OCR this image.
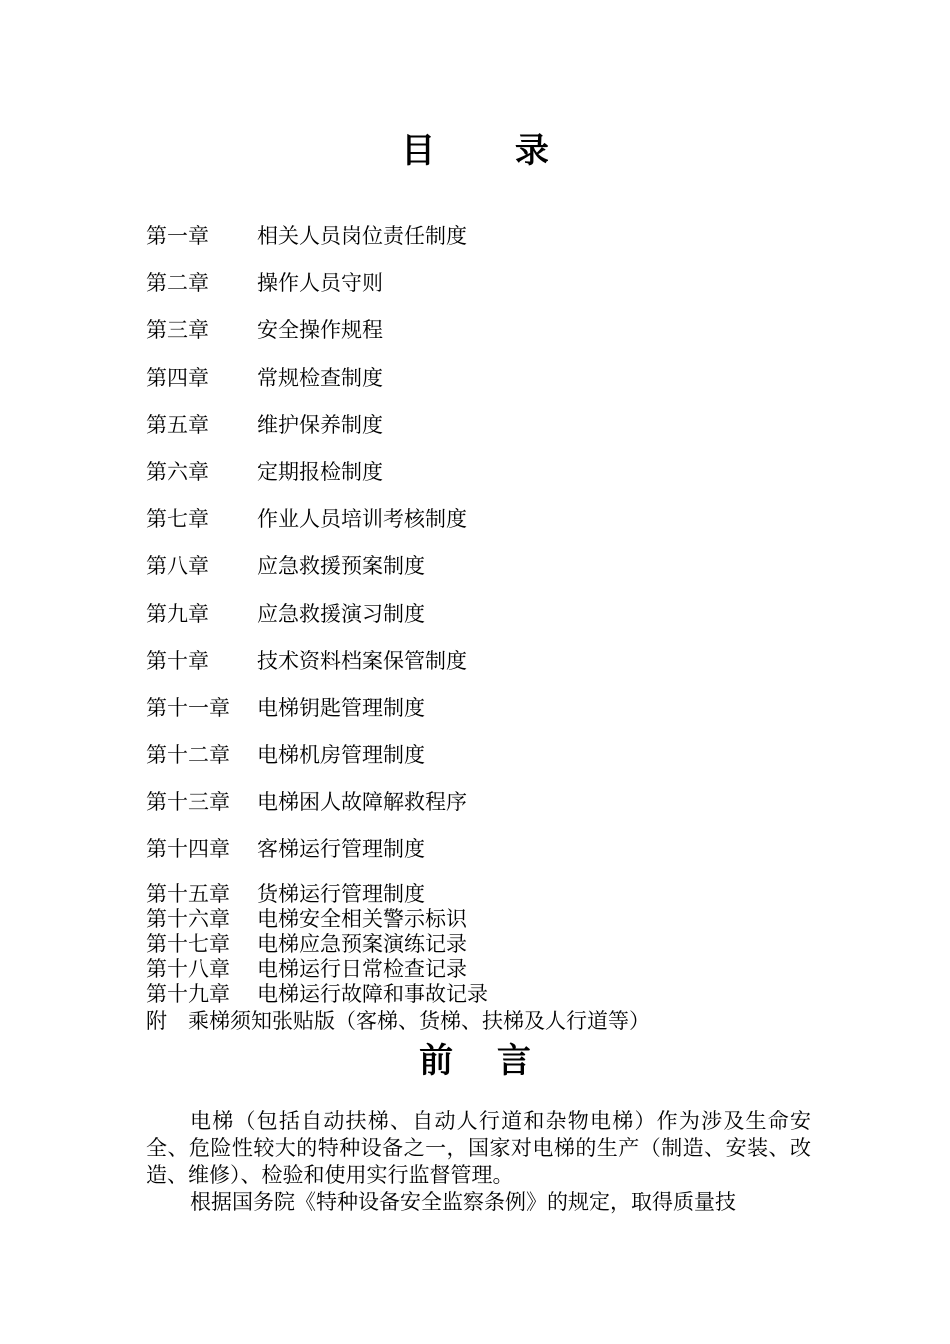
目 录
第一章 相关人员岗位责任制度
第二章 操作人员守则
第三章 安全操作规程
第四章 常规检查制度
第五章 维护保养制度
第六章 定期报检制度
第七章 作业人员培训考核制度
第八章 应急救援预案制度
第九章 应急救援演习制度
第十章 技术资料档案保管制度
第十一章 电梯钥匙管理制度
第十二章 电梯机房管理制度
第十三章 电梯困人故障解救程序
第十四章 客梯运行管理制度
第十五章 货梯运行管理制度
第十六章 电梯安全相关警示标识
第十七章 电梯应急预案演练记录
第十八章 电梯运行日常检查记录
第十九章 电梯运行故障和事故记录
附 乘梯须知张贴版（客梯、货梯、扶梯及人行道等）
前 言

电梯（包括自动扶梯、自动人行道和杂物电梯）作为涉及生命安全、危险性较大的特种设备之一，国家对电梯的生产（制造、安装、改造、维修）、检验和使用实行监督管理。

根据国务院《特种设备安全监察条例》的规定，取得质量技
